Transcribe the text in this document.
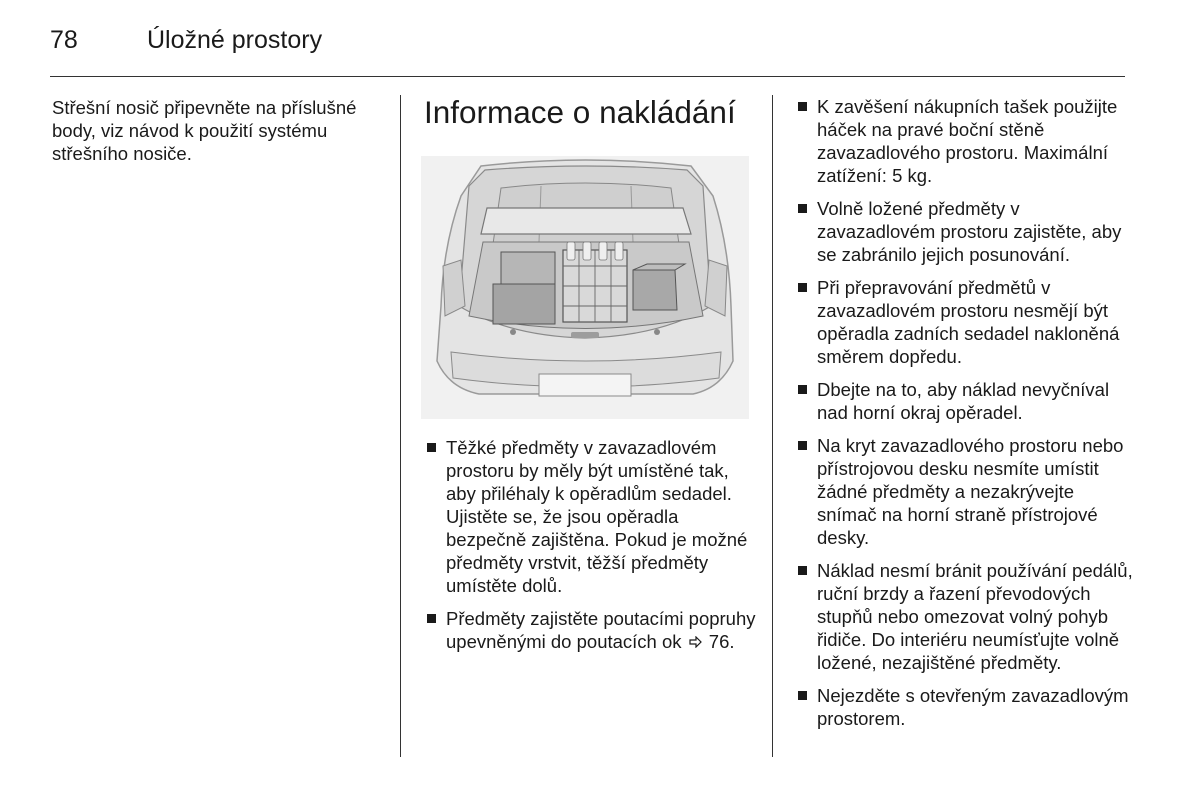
78	Úložné prostory

Střešní nosič připevněte na příslušné body, viz návod k použití systému střešního nosiče.

Informace o nakládání
Těžké předměty v zavazadlovém prostoru by měly být umístěné tak, aby přiléhaly k opěradlům sedadel. Ujistěte se, že jsou opěradla bezpečně zajištěna. Pokud je možné předměty vrstvit, těžší předměty umístěte dolů.
Předměty zajistěte poutacími popruhy upevněnými do poutacích ok 76.
K zavěšení nákupních tašek použijte háček na pravé boční stěně zavazadlového prostoru. Maximální zatížení: 5 kg.
Volně ložené předměty v zavazadlovém prostoru zajistěte, aby se zabránilo jejich posunování.
Při přepravování předmětů v zavazadlovém prostoru nesmějí být opěradla zadních sedadel nakloněná směrem dopředu.
Dbejte na to, aby náklad nevyčníval nad horní okraj opěradel.
Na kryt zavazadlového prostoru nebo přístrojovou desku nesmíte umístit žádné předměty a nezakrývejte snímač na horní straně přístrojové desky.
Náklad nesmí bránit používání pedálů, ruční brzdy a řazení převodových stupňů nebo omezovat volný pohyb řidiče. Do interiéru neumísťujte volně ložené, nezajištěné předměty.
Nejezděte s otevřeným zavazadlovým prostorem.
